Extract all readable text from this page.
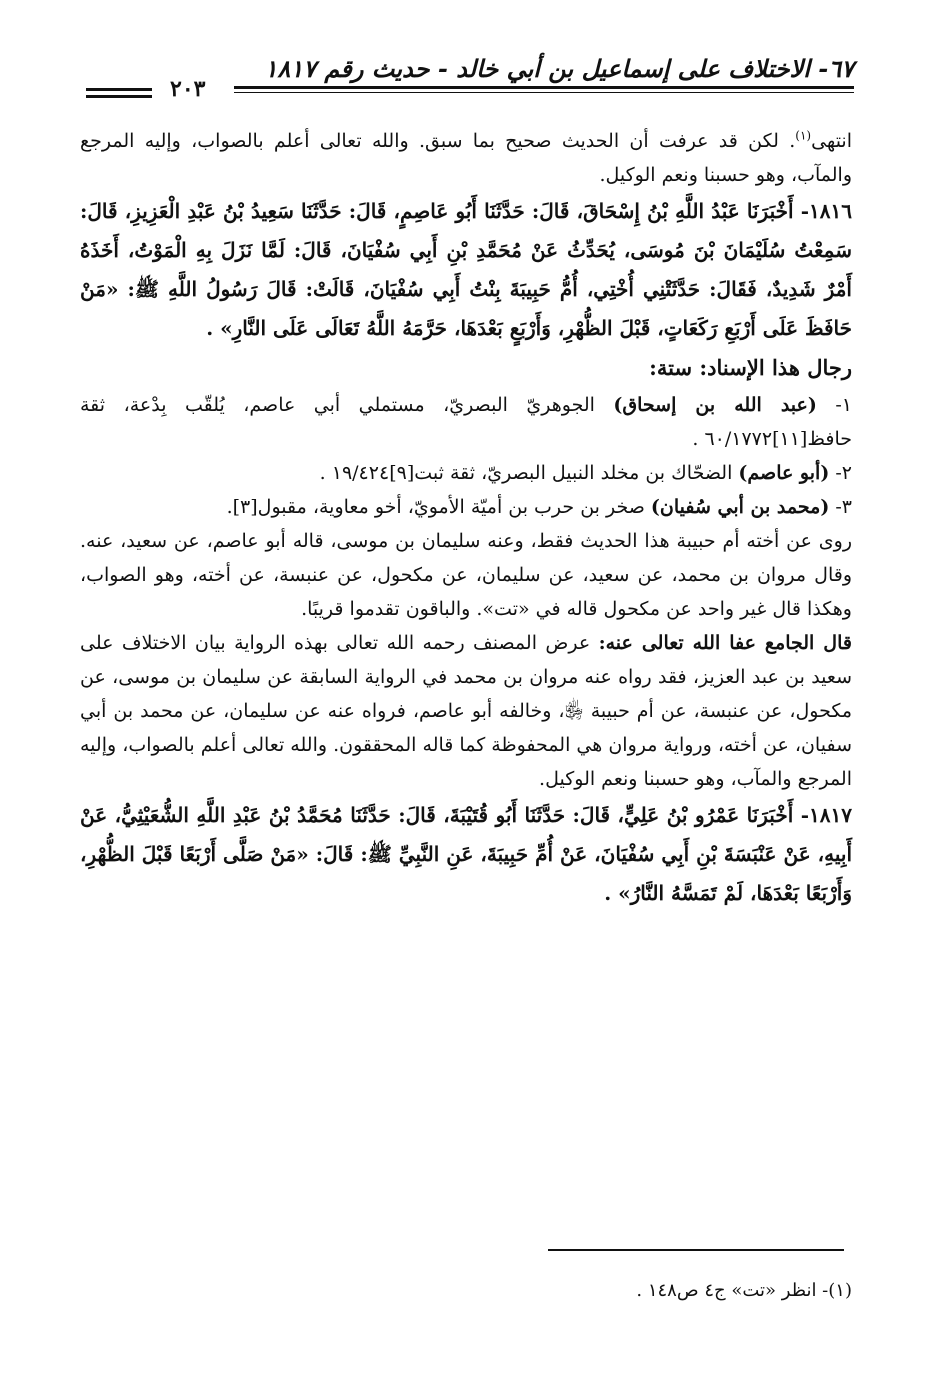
٦٧- الاختلاف على إسماعيل بن أبي خالد - حديث رقم ١٨١٧
٢٠٣

انتهى$^{(١)}$. لكن قد عرفت أن الحديث صحيح بما سبق. والله تعالى أعلم بالصواب، وإليه المرجع والمآب، وهو حسبنا ونعم الوكيل.

١٨١٦- أَخْبَرَنَا عَبْدُ اللَّهِ بْنُ إِسْحَاقَ، قَالَ: حَدَّثَنَا أَبُو عَاصِمٍ، قَالَ: حَدَّثَنَا سَعِيدُ بْنُ عَبْدِ الْعَزِيزِ، قَالَ: سَمِعْتُ سُلَيْمَانَ بْنَ مُوسَى، يُحَدِّثُ عَنْ مُحَمَّدِ بْنِ أَبِي سُفْيَانَ، قَالَ: لَمَّا نَزَلَ بِهِ الْمَوْتُ، أَخَذَهُ أَمْرٌ شَدِيدٌ، فَقَالَ: حَدَّثَتْنِي أُخْتِي، أُمُّ حَبِيبَةَ بِنْتُ أَبِي سُفْيَانَ، قَالَتْ: قَالَ رَسُولُ اللَّهِ ﷺ: «مَنْ حَافَظَ عَلَى أَرْبَعِ رَكَعَاتٍ، قَبْلَ الظُّهْرِ، وَأَرْبَعٍ بَعْدَهَا، حَرَّمَهُ اللَّهُ تَعَالَى عَلَى النَّارِ» .

رجال هذا الإسناد: ستة:

١- (عبد الله بن إسحاق) الجوهريّ البصريّ، مستملي أبي عاصم، يُلقّب بِدْعة، ثقة حافظ[١١]٦٠/١٧٧٢ .

٢- (أبو عاصم) الضحّاك بن مخلد النبيل البصريّ، ثقة ثبت[٩]١٩/٤٢٤ .

٣- (محمد بن أبي سُفيان) صخر بن حرب بن أميّة الأمويّ، أخو معاوية، مقبول[٣].

روى عن أخته أم حبيبة هذا الحديث فقط، وعنه سليمان بن موسى، قاله أبو عاصم، عن سعيد، عنه. وقال مروان بن محمد، عن سعيد، عن سليمان، عن مكحول، عن عنبسة، عن أخته، وهو الصواب، وهكذا قال غير واحد عن مكحول قاله في «تت». والباقون تقدموا قريبًا.

قال الجامع عفا الله تعالى عنه: عرض المصنف رحمه الله تعالى بهذه الرواية بيان الاختلاف على سعيد بن عبد العزيز، فقد رواه عنه مروان بن محمد في الرواية السابقة عن سليمان بن موسى، عن مكحول، عن عنبسة، عن أم حبيبة ﵂، وخالفه أبو عاصم، فرواه عنه عن سليمان، عن محمد بن أبي سفيان، عن أخته، ورواية مروان هي المحفوظة كما قاله المحققون. والله تعالى أعلم بالصواب، وإليه المرجع والمآب، وهو حسبنا ونعم الوكيل.

١٨١٧- أَخْبَرَنَا عَمْرُو بْنُ عَلِيٍّ، قَالَ: حَدَّثَنَا أَبُو قُتَيْبَةَ، قَالَ: حَدَّثَنَا مُحَمَّدُ بْنُ عَبْدِ اللَّهِ الشُّعَيْثِيُّ، عَنْ أَبِيهِ، عَنْ عَنْبَسَةَ بْنِ أَبِي سُفْيَانَ، عَنْ أُمِّ حَبِيبَةَ، عَنِ النَّبِيِّ ﷺ: قَالَ: «مَنْ صَلَّى أَرْبَعًا قَبْلَ الظُّهْرِ، وَأَرْبَعًا بَعْدَهَا، لَمْ تَمَسَّهُ النَّارُ» .

(١)- انظر «تت» ج٤ ص١٤٨ .
